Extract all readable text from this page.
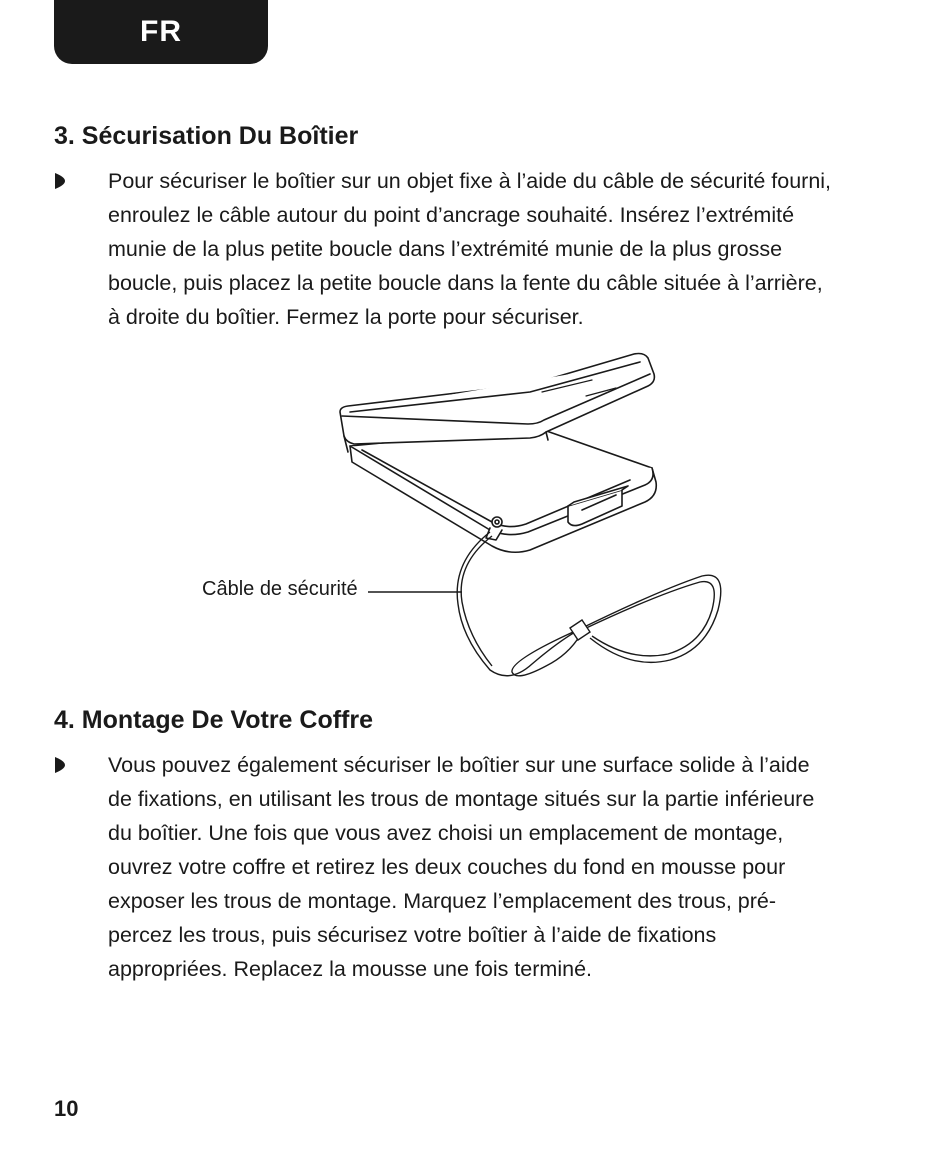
FR
3. Sécurisation Du Boîtier
Pour sécuriser le boîtier sur un objet fixe à l’aide du câble de sécurité fourni, enroulez le câble autour du point d’ancrage souhaité. Insérez l’extrémité munie de la plus petite boucle dans l’extrémité munie de la plus grosse boucle, puis placez la petite boucle dans la fente du câble située à l’arrière, à droite du boîtier. Fermez la porte pour sécuriser.
Câble de sécurité
4. Montage De Votre Coffre
Vous pouvez également sécuriser le boîtier sur une surface solide à l’aide de fixations, en utilisant les trous de montage situés sur la partie inférieure du boîtier. Une fois que vous avez choisi un emplacement de montage, ouvrez votre coffre et retirez les deux couches du fond en mousse pour exposer les trous de montage. Marquez l’emplacement des trous, pré-percez les trous, puis sécurisez votre boîtier à l’aide de fixations appropriées. Replacez la mousse une fois terminé.
10
